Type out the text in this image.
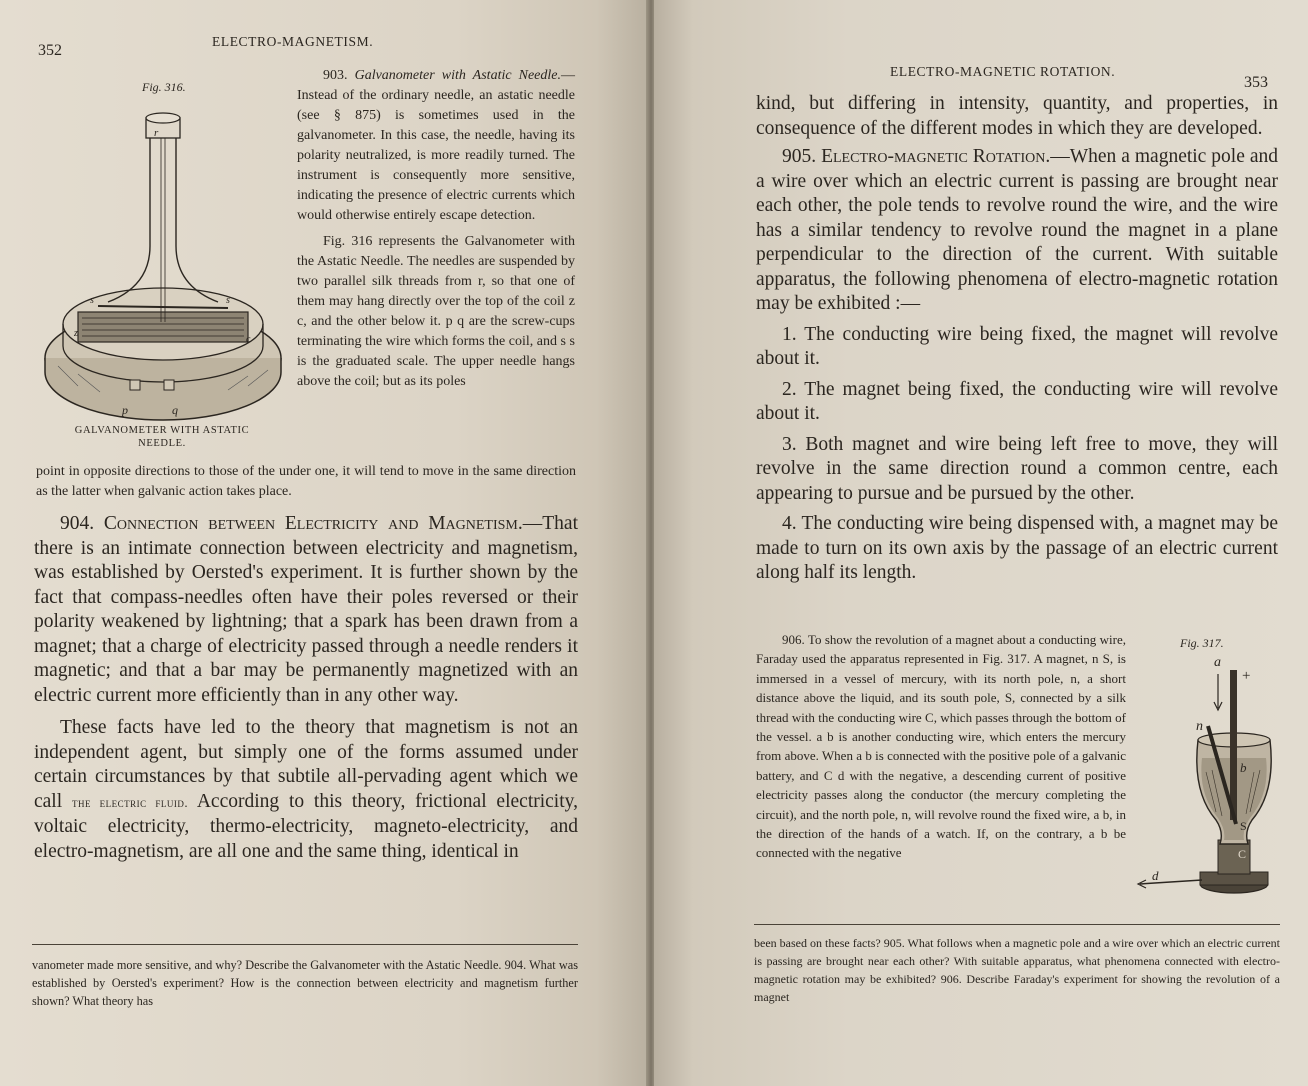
352
ELECTRO-MAGNETISM.
Fig. 316.
r
s	s
z
c
p	q
GALVANOMETER WITH ASTATIC
NEEDLE.

903. Galvanometer with Astatic Needle.—Instead of the ordinary needle, an astatic needle (see § 875) is sometimes used in the galvanometer. In this case, the needle, having its polarity neutralized, is more readily turned. The instrument is consequently more sensitive, indicating the presence of electric currents which would otherwise entirely escape detection.

Fig. 316 represents the Galvanometer with the Astatic Needle. The needles are suspended by two parallel silk threads from r, so that one of them may hang directly over the top of the coil z c, and the other below it. p q are the screw-cups terminating the wire which forms the coil, and s s is the graduated scale. The upper needle hangs above the coil; but as its poles

point in opposite directions to those of the under one, it will tend to move in the same direction as the latter when galvanic action takes place.

904. Connection between Electricity and Magnetism.—That there is an intimate connection between electricity and magnetism, was established by Oersted's experiment. It is further shown by the fact that compass-needles often have their poles reversed or their polarity weakened by lightning; that a spark has been drawn from a magnet; that a charge of electricity passed through a needle renders it magnetic; and that a bar may be permanently magnetized with an electric current more efficiently than in any other way.

These facts have led to the theory that magnetism is not an independent agent, but simply one of the forms assumed under certain circumstances by that subtile all-pervading agent which we call the electric fluid. According to this theory, frictional electricity, voltaic electricity, thermo-electricity, magneto-electricity, and electro-magnetism, are all one and the same thing, identical in

vanometer made more sensitive, and why? Describe the Galvanometer with the Astatic Needle. 904. What was established by Oersted's experiment? How is the connection between electricity and magnetism further shown? What theory has

ELECTRO-MAGNETIC ROTATION.
353

kind, but differing in intensity, quantity, and properties, in consequence of the different modes in which they are developed.

905. Electro-magnetic Rotation.—When a magnetic pole and a wire over which an electric current is passing are brought near each other, the pole tends to revolve round the wire, and the wire has a similar tendency to revolve round the magnet in a plane perpendicular to the direction of the current. With suitable apparatus, the following phenomena of electro-magnetic rotation may be exhibited :—

1. The conducting wire being fixed, the magnet will revolve about it.

2. The magnet being fixed, the conducting wire will revolve about it.

3. Both magnet and wire being left free to move, they will revolve in the same direction round a common centre, each appearing to pursue and be pursued by the other.

4. The conducting wire being dispensed with, a magnet may be made to turn on its own axis by the passage of an electric current along half its length.

906. To show the revolution of a magnet about a conducting wire, Faraday used the apparatus represented in Fig. 317. A magnet, n S, is immersed in a vessel of mercury, with its north pole, n, a short distance above the liquid, and its south pole, S, connected by a silk thread with the conducting wire C, which passes through the bottom of the vessel. a b is another conducting wire, which enters the mercury from above. When a b is connected with the positive pole of a galvanic battery, and C d with the negative, a descending current of positive electricity passes along the conductor (the mercury completing the circuit), and the north pole, n, will revolve round the fixed wire, a b, in the direction of the hands of a watch. If, on the contrary, a b be connected with the negative

Fig. 317.
a
+
n
b
S
C
d

been based on these facts? 905. What follows when a magnetic pole and a wire over which an electric current is passing are brought near each other? With suitable apparatus, what phenomena connected with electro-magnetic rotation may be exhibited? 906. Describe Faraday's experiment for showing the revolution of a magnet
